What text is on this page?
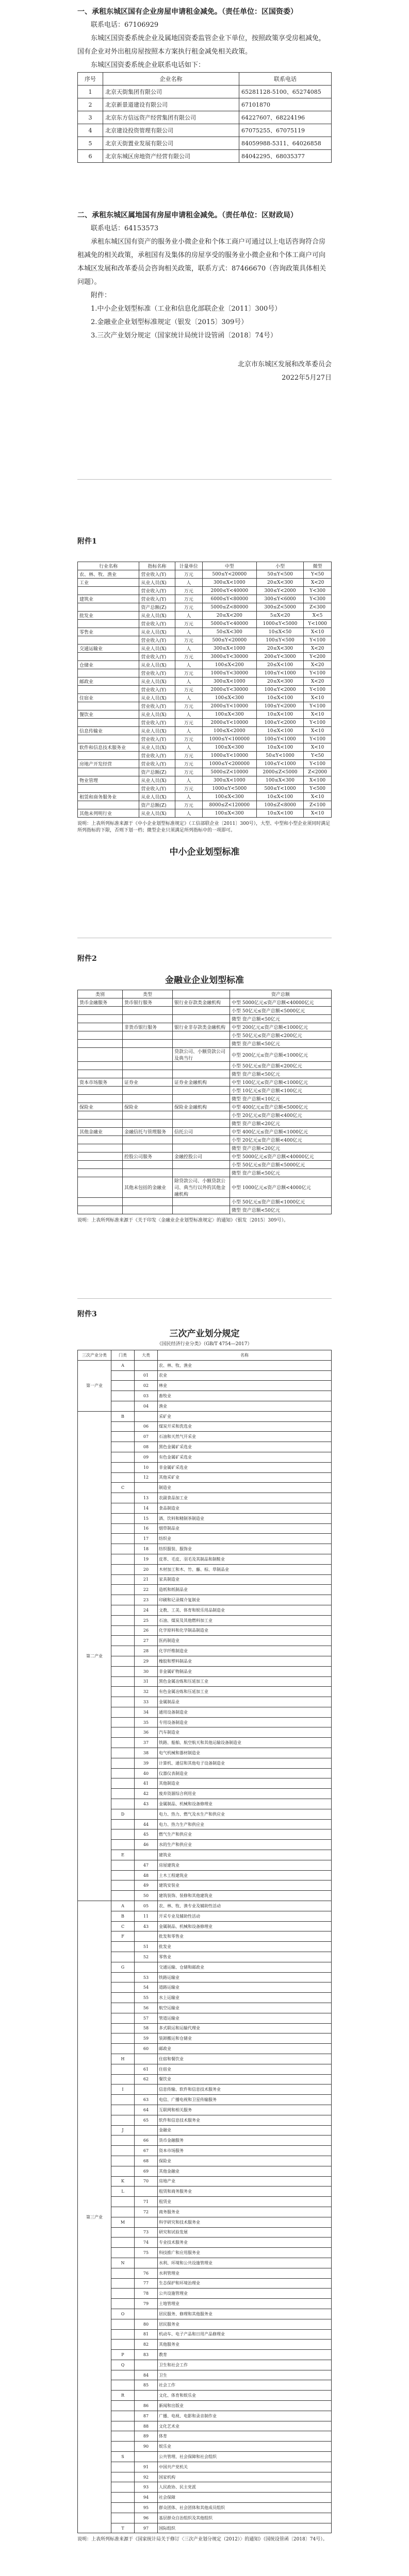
一、承租东城区国有企业房屋申请租金减免。（责任单位：区国资委）

联系电话：67106929

东城区国资委系统企业及属地国资委监管企业下单位，按照政策享受房租减免，国有企业对外出租房屋按照本方案执行租金减免相关政策。

东城区国资委系统企业联系电话如下：

序号	企业名称	联系电话
1	北京天街集团有限公司	65281128-5100、65274085
2	北京新景道建设有限公司	67101870
3	北京东方信远资产经营集团有限公司	64227607、68224196
4	北京建设投资管理有限公司	67075255、67075119
5	北京天街置业发展有限公司	84059988-5311、64026858
6	北京东城区房地资产经营有限公司	84042295、68035377

二、承租东城区属地国有房屋申请租金减免。（责任单位：区财政局）

联系电话：64153573

承租东城区国有资产的服务业小微企业和个体工商户可通过以上电话咨询符合房租减免的相关政策，承租国有及集体的房屋享受的服务业小微企业和个体工商户可向本城区发展和改革委员会咨询相关政策，联系方式：87466670（咨询政策具体相关问题）。

附件：

1.中小企业划型标准（工业和信息化部联企业〔2011〕300号）

2.金融业企业划型标准规定（银发〔2015〕309号）

3.三次产业划分规定（国家统计局统计设管函〔2018〕74号）

北京市东城区发展和改革委员会

2022年5月27日

附件1
行业名称	指标名称	计量单位	中型	小型	微型
农、林、牧、渔业	营业收入(Y)	万元	500≤Y<20000	50≤Y<500	Y<50
工业	从业人员(X)	人	300≤X<1000	20≤X<300	X<20
	营业收入(Y)	万元	2000≤Y<40000	300≤Y<2000	Y<300
建筑业	营业收入(Y)	万元	6000≤Y<80000	300≤Y<6000	Y<300
	资产总额(Z)	万元	5000≤Z<80000	300≤Z<5000	Z<300
批发业	从业人员(X)	人	20≤X<200	5≤X<20	X<5
	营业收入(Y)	万元	5000≤Y<40000	1000≤Y<5000	Y<1000
零售业	从业人员(X)	人	50≤X<300	10≤X<50	X<10
	营业收入(Y)	万元	500≤Y<20000	100≤Y<500	Y<100
交通运输业	从业人员(X)	人	300≤X<1000	20≤X<300	X<20
	营业收入(Y)	万元	3000≤Y<30000	200≤Y<3000	Y<200
仓储业	从业人员(X)	人	100≤X<200	20≤X<100	X<20
	营业收入(Y)	万元	1000≤Y<30000	100≤Y<1000	Y<100
邮政业	从业人员(X)	人	300≤X<1000	20≤X<300	X<20
	营业收入(Y)	万元	2000≤Y<30000	100≤Y<2000	Y<100
住宿业	从业人员(X)	人	100≤X<300	10≤X<100	X<10
	营业收入(Y)	万元	2000≤Y<10000	100≤Y<2000	Y<100
餐饮业	从业人员(X)	人	100≤X<300	10≤X<100	X<10
	营业收入(Y)	万元	2000≤Y<10000	100≤Y<2000	Y<100
信息传输业	从业人员(X)	人	100≤X<2000	10≤X<100	X<10
	营业收入(Y)	万元	1000≤Y<100000	100≤Y<1000	Y<100
软件和信息技术服务业	从业人员(X)	人	100≤X<300	10≤X<100	X<10
	营业收入(Y)	万元	1000≤Y<10000	50≤Y<1000	Y<50
房地产开发经营	营业收入(Y)	万元	1000≤Y<200000	100≤Y<1000	Y<100
	资产总额(Z)	万元	5000≤Z<10000	2000≤Z<5000	Z<2000
物业管理	从业人员(X)	人	300≤X<1000	100≤X<300	X<100
	营业收入(Y)	万元	1000≤Y<5000	500≤Y<1000	Y<500
租赁和商务服务业	从业人员(X)	人	100≤X<300	10≤X<100	X<10
	资产总额(Z)	万元	8000≤Z<120000	100≤Z<8000	Z<100
其他未列明行业	从业人员(X)	人	100≤X<300	10≤X<100	X<10

说明：上表所列标准来源于《中小企业划型标准规定》（工信部联企业〔2011〕300号），大型、中型和小型企业须同时满足所列指标的下限，否则下划一档；微型企业只须满足所列指标中的一项即可。

中小企业划型标准

附件2

金融业企业划型标准

类别	类型		资产总额
货币金融服务	货币银行服务	银行业存款类金融机构	中型 5000亿元≤资产总额<40000亿元
			小型 50亿元≤资产总额<5000亿元
			微型 资产总额<50亿元
	非货币银行服务	银行业非存款类金融机构	中型 200亿元≤资产总额<1000亿元
			小型 50亿元≤资产总额<200亿元
			微型 资产总额<50亿元
		贷款公司、小额贷款公司及典当行	中型 200亿元≤资产总额<1000亿元
			小型 50亿元≤资产总额<200亿元
			微型 资产总额<50亿元
资本市场服务	证券业	证券业金融机构	中型 100亿元≤资产总额<1000亿元
			小型 10亿元≤资产总额<100亿元
			微型 资产总额<10亿元
保险业	保险业	保险业金融机构	中型 400亿元≤资产总额<5000亿元
			小型 20亿元≤资产总额<400亿元
			微型 资产总额<20亿元
其他金融业	金融信托与管理服务	信托公司	中型 400亿元≤资产总额<1000亿元
			小型 20亿元≤资产总额<400亿元
			微型 资产总额<20亿元
	控股公司服务	金融控股公司	中型 5000亿元≤资产总额<40000亿元
			小型 50亿元≤资产总额<5000亿元
			微型 资产总额<50亿元
	其他未包括的金融业	除贷款公司、小额贷款公司、典当行以外的其他金融机构	中型 1000亿元≤资产总额<4000亿元
			小型 50亿元≤资产总额<1000亿元
			微型 资产总额<50亿元

说明：上表所列标准来源于《关于印发〈金融业企业划型标准规定〉的通知》（银发〔2015〕309号）。

附件3

三次产业划分规定

《国民经济行业分类》（GB/T 4754—2017）

三次产业分类	门类	大类	名称
第一产业	A		农、林、牧、渔业
		01	农业
		02	林业
		03	畜牧业
		04	渔业
第二产业	B		采矿业
		06	煤炭开采和洗选业
		07	石油和天然气开采业
		08	黑色金属矿采选业
		09	有色金属矿采选业
		10	非金属矿采选业
		12	其他采矿业
	C		制造业
		13	农副食品加工业
		14	食品制造业
		15	酒、饮料和精制茶制造业
		16	烟草制品业
		17	纺织业
		18	纺织服装、服饰业
		19	皮革、毛皮、羽毛及其制品和制鞋业
		20	木材加工和木、竹、藤、棕、草制品业
		21	家具制造业
		22	造纸和纸制品业
		23	印刷和记录媒介复制业
		24	文教、工美、体育和娱乐用品制造业
		25	石油、煤炭及其他燃料加工业
		26	化学原料和化学制品制造业
		27	医药制造业
		28	化学纤维制造业
		29	橡胶和塑料制品业
		30	非金属矿物制品业
		31	黑色金属冶炼和压延加工业
		32	有色金属冶炼和压延加工业
		33	金属制品业
		34	通用设备制造业
		35	专用设备制造业
		36	汽车制造业
		37	铁路、船舶、航空航天和其他运输设备制造业
		38	电气机械和器材制造业
		39	计算机、通信和其他电子设备制造业
		40	仪器仪表制造业
		41	其他制造业
		42	废弃资源综合利用业
		43	金属制品、机械和设备修理业
	D		电力、热力、燃气及水生产和供应业
		44	电力、热力生产和供应业
		45	燃气生产和供应业
		46	水的生产和供应业
	E		建筑业
		47	房屋建筑业
		48	土木工程建筑业
		49	建筑安装业
		50	建筑装饰、装修和其他建筑业
第三产业	A	05	农、林、牧、渔专业及辅助性活动
	B	11	开采专业及辅助性活动
	C	43	金属制品、机械和设备修理业
	F		批发和零售业
		51	批发业
		52	零售业
	G		交通运输、仓储和邮政业
		53	铁路运输业
		54	道路运输业
		55	水上运输业
		56	航空运输业
		57	管道运输业
		58	多式联运和运输代理业
		59	装卸搬运和仓储业
		60	邮政业
	H		住宿和餐饮业
		61	住宿业
		62	餐饮业
	I		信息传输、软件和信息技术服务业
		63	电信、广播电视和卫星传输服务
		64	互联网和相关服务
		65	软件和信息技术服务业
	J		金融业
		66	货币金融服务
		67	资本市场服务
		68	保险业
		69	其他金融业
	K	70	房地产业
	L		租赁和商务服务业
		71	租赁业
		72	商务服务业
	M		科学研究和技术服务业
		73	研究和试验发展
		74	专业技术服务业
		75	科技推广和应用服务业
	N		水利、环境和公共设施管理业
		76	水利管理业
		77	生态保护和环境治理业
		78	公共设施管理业
		79	土地管理业
	O		居民服务、修理和其他服务业
		80	居民服务业
		81	机动车、电子产品和日用产品修理业
		82	其他服务业
	P	83	教育
	Q		卫生和社会工作
		84	卫生
		85	社会工作
	R		文化、体育和娱乐业
		86	新闻和出版业
		87	广播、电视、电影和录音制作业
		88	文化艺术业
		89	体育
		90	娱乐业
	S		公共管理、社会保障和社会组织
		91	中国共产党机关
		92	国家机构
		93	人民政协、民主党派
		94	社会保障
		95	群众团体、社会团体和其他成员组织
		96	基层群众自治组织及其他组织
	T	97	国际组织

说明：上表所列标准来源于《国家统计局关于修订〈三次产业划分规定（2012）〉的通知》（国统设管函〔2018〕74号）。
